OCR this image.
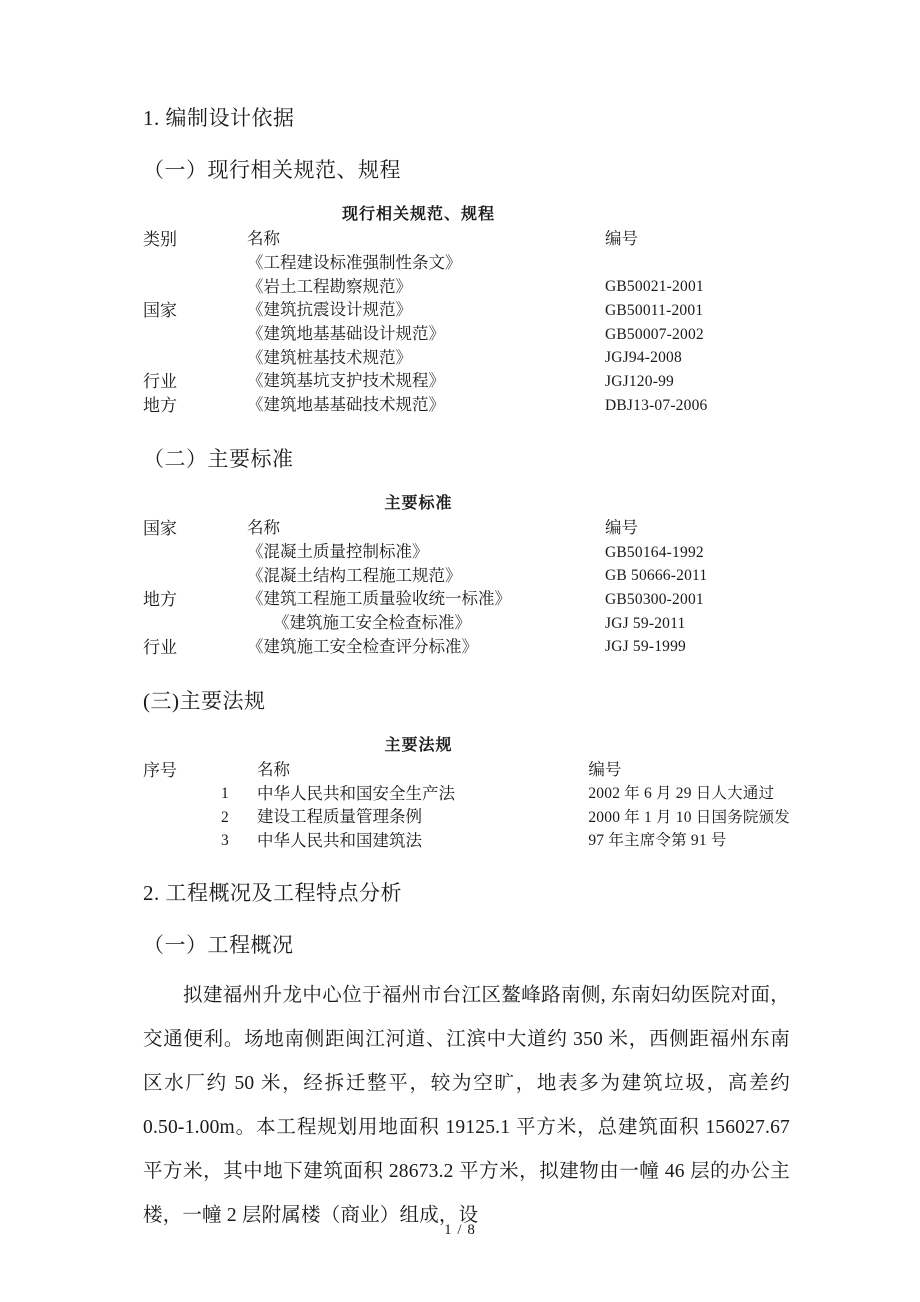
1. 编制设计依据
（一）现行相关规范、规程
现行相关规范、规程
类别	名称	编号
	《工程建设标准强制性条文》	
	《岩土工程勘察规范》	GB50021-2001
国家	《建筑抗震设计规范》	GB50011-2001
	《建筑地基基础设计规范》	GB50007-2002
	《建筑桩基技术规范》	JGJ94-2008
行业	《建筑基坑支护技术规程》	JGJ120-99
地方	《建筑地基基础技术规范》	DBJ13-07-2006
（二）主要标准
主要标准
国家	名称	编号
	《混凝土质量控制标准》	GB50164-1992
	《混凝土结构工程施工规范》	GB 50666-2011
地方	《建筑工程施工质量验收统一标准》	GB50300-2001
	《建筑施工安全检查标准》	JGJ 59-2011
行业	《建筑施工安全检查评分标准》	JGJ 59-1999
(三)主要法规
主要法规
序号	名称	编号
1	中华人民共和国安全生产法	2002 年 6 月 29 日人大通过
2	建设工程质量管理条例	2000 年 1 月 10 日国务院颁发
3	中华人民共和国建筑法	97 年主席令第 91 号
2. 工程概况及工程特点分析
（一）工程概况

拟建福州升龙中心位于福州市台江区鳌峰路南侧, 东南妇幼医院对面，交通便利。场地南侧距闽江河道、江滨中大道约 350 米，西侧距福州东南区水厂约 50 米，经拆迁整平，较为空旷，地表多为建筑垃圾，高差约 0.50-1.00m。本工程规划用地面积 19125.1 平方米，总建筑面积 156027.67 平方米，其中地下建筑面积 28673.2 平方米，拟建物由一幢 46 层的办公主楼，一幢 2 层附属楼（商业）组成，设

1 / 8
